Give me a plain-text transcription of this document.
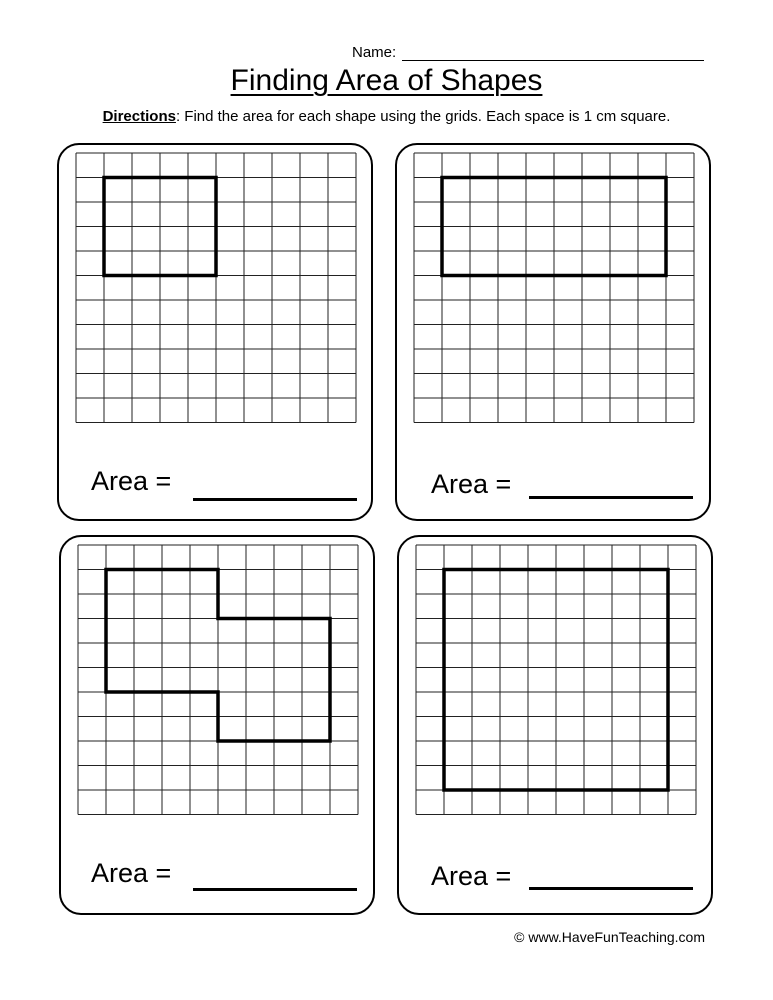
Name:
Finding Area of Shapes
Directions: Find the area for each shape using the grids. Each space is 1 cm square.
Area =	Area =
Area =	Area =
© www.HaveFunTeaching.com
